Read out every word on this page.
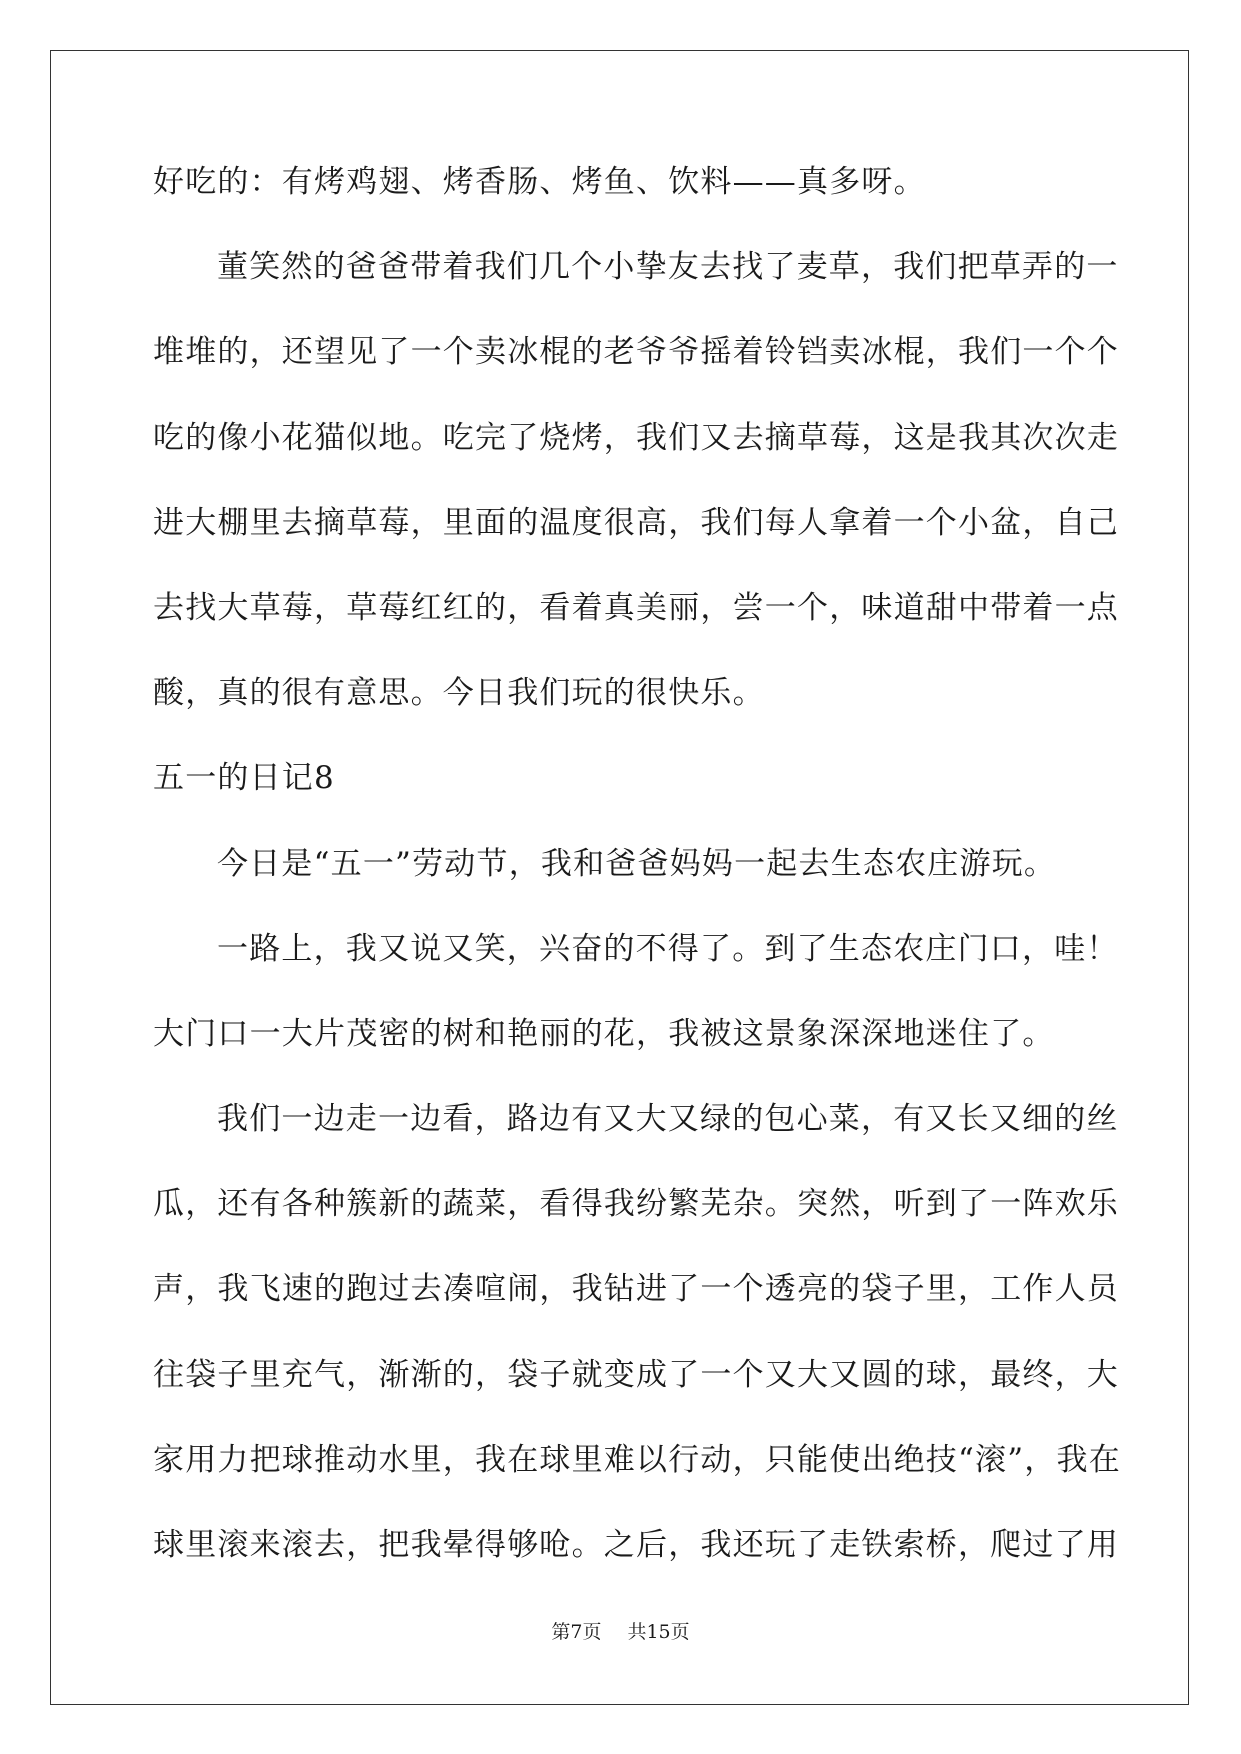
好吃的：有烤鸡翅、烤香肠、烤鱼、饮料——真多呀。
董笑然的爸爸带着我们几个小挚友去找了麦草，我们把草弄的一
堆堆的，还望见了一个卖冰棍的老爷爷摇着铃铛卖冰棍，我们一个个
吃的像小花猫似地。吃完了烧烤，我们又去摘草莓，这是我其次次走
进大棚里去摘草莓，里面的温度很高，我们每人拿着一个小盆，自己
去找大草莓，草莓红红的，看着真美丽，尝一个，味道甜中带着一点
酸，真的很有意思。今日我们玩的很快乐。
五一的日记8
今日是“五一”劳动节，我和爸爸妈妈一起去生态农庄游玩。
一路上，我又说又笑，兴奋的不得了。到了生态农庄门口，哇！
大门口一大片茂密的树和艳丽的花，我被这景象深深地迷住了。
我们一边走一边看，路边有又大又绿的包心菜，有又长又细的丝
瓜，还有各种簇新的蔬菜，看得我纷繁芜杂。突然，听到了一阵欢乐
声，我飞速的跑过去凑喧闹，我钻进了一个透亮的袋子里，工作人员
往袋子里充气，渐渐的，袋子就变成了一个又大又圆的球，最终，大
家用力把球推动水里，我在球里难以行动，只能使出绝技“滚”，我在
球里滚来滚去，把我晕得够呛。之后，我还玩了走铁索桥，爬过了用
第7页 共15页
